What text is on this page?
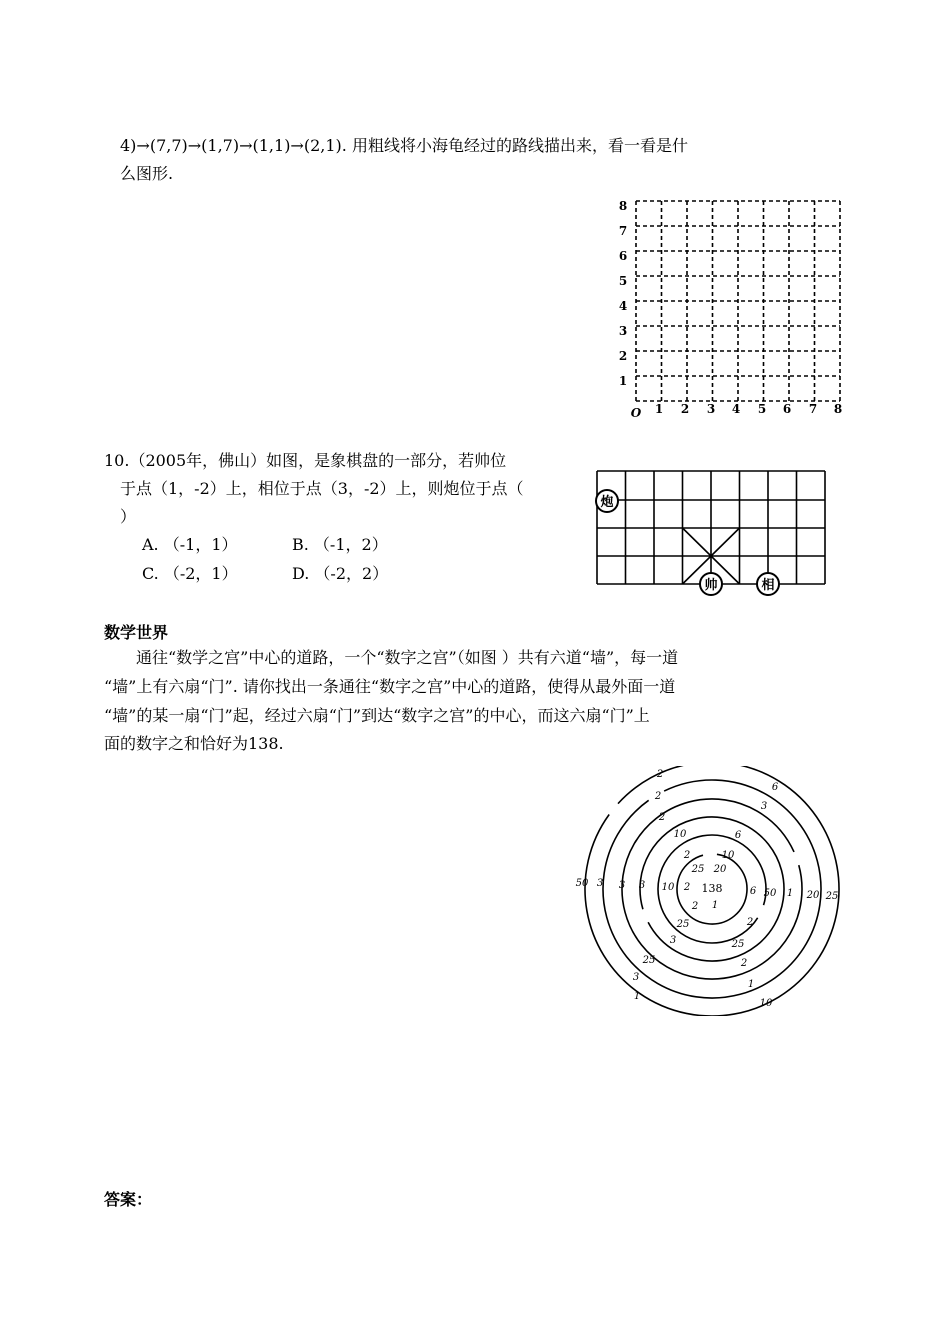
4)→(7,7)→(1,7)→(1,1)→(2,1). 用粗线将小海龟经过的路线描出来，看一看是什
么图形.
8
7
6
5
4
3
2
1
O 1 2 3 4 5 6 7 8
10.（2005年，佛山）如图，是象棋盘的一部分，若帅位
于点（1，-2）上，相位于点（3，-2）上，则炮位于点（
）
A. （-1，1）	B. （-1，2）
C. （-2，1）	D. （-2，2）
炮
帅	相
数学世界
通往“数学之宫”中心的道路，一个“数字之宫”（如图 ）共有六道“墙”，每一道
“墙”上有六扇“门”. 请你找出一条通往“数字之宫”中心的道路，使得从最外面一道
“墙”的某一扇“门”起，经过六扇“门”到达“数字之宫”的中心，而这六扇“门”上
面的数字之和恰好为138.
138
2
6
2
3
2
10	6
2	10
25 20
50 3 3 3 10 2	6 50 1 20 25
2 1
25	2
3	25
25	2
3
1
1
10
答案：
